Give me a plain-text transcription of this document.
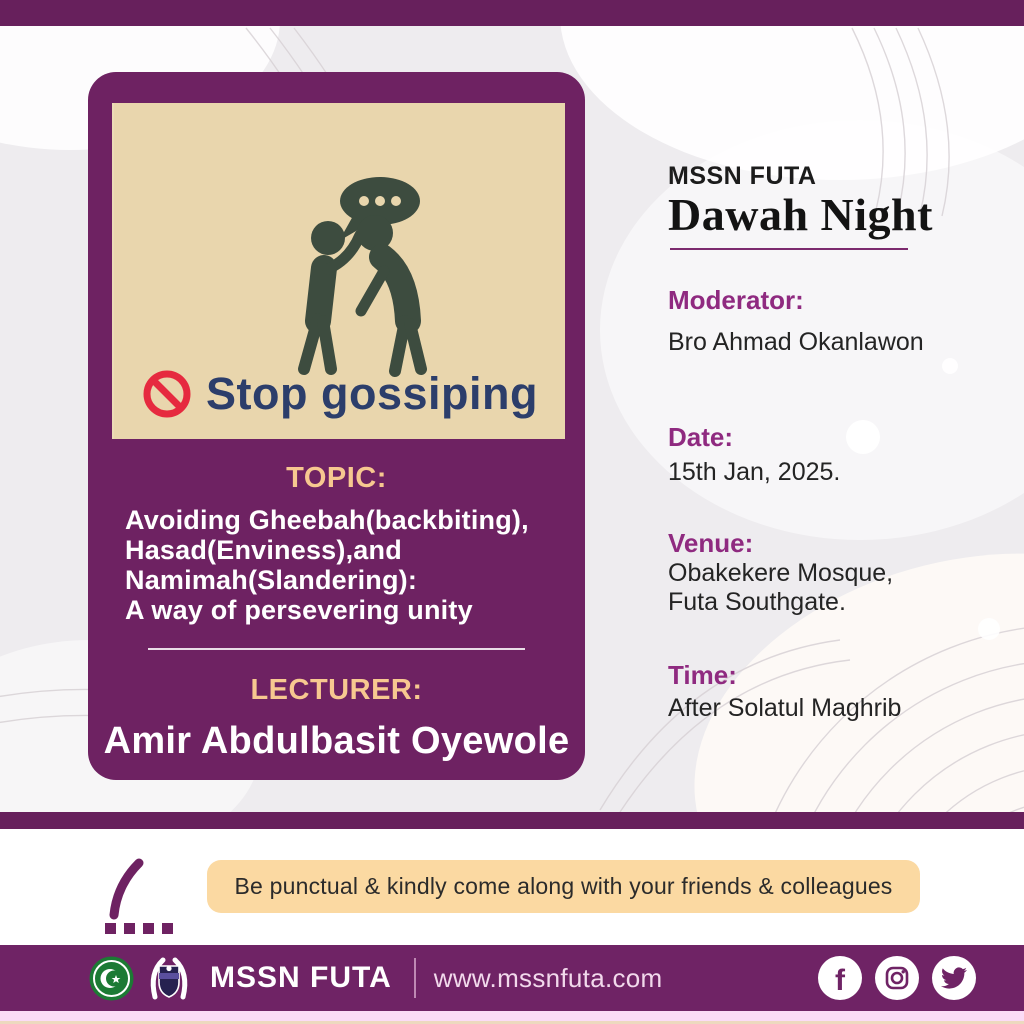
Stop gossiping
TOPIC:
Avoiding Gheebah(backbiting),
Hasad(Enviness),and
Namimah(Slandering):
A way of persevering unity
LECTURER:
Amir Abdulbasit Oyewole
MSSN FUTA
Dawah Night
Moderator:
Bro Ahmad Okanlawon
Date:
15th Jan, 2025.
Venue:
Obakekere Mosque,
Futa Southgate.
Time:
After Solatul Maghrib
Be punctual & kindly come along with your friends & colleagues
MSSN FUTA www.mssnfuta.com	f
